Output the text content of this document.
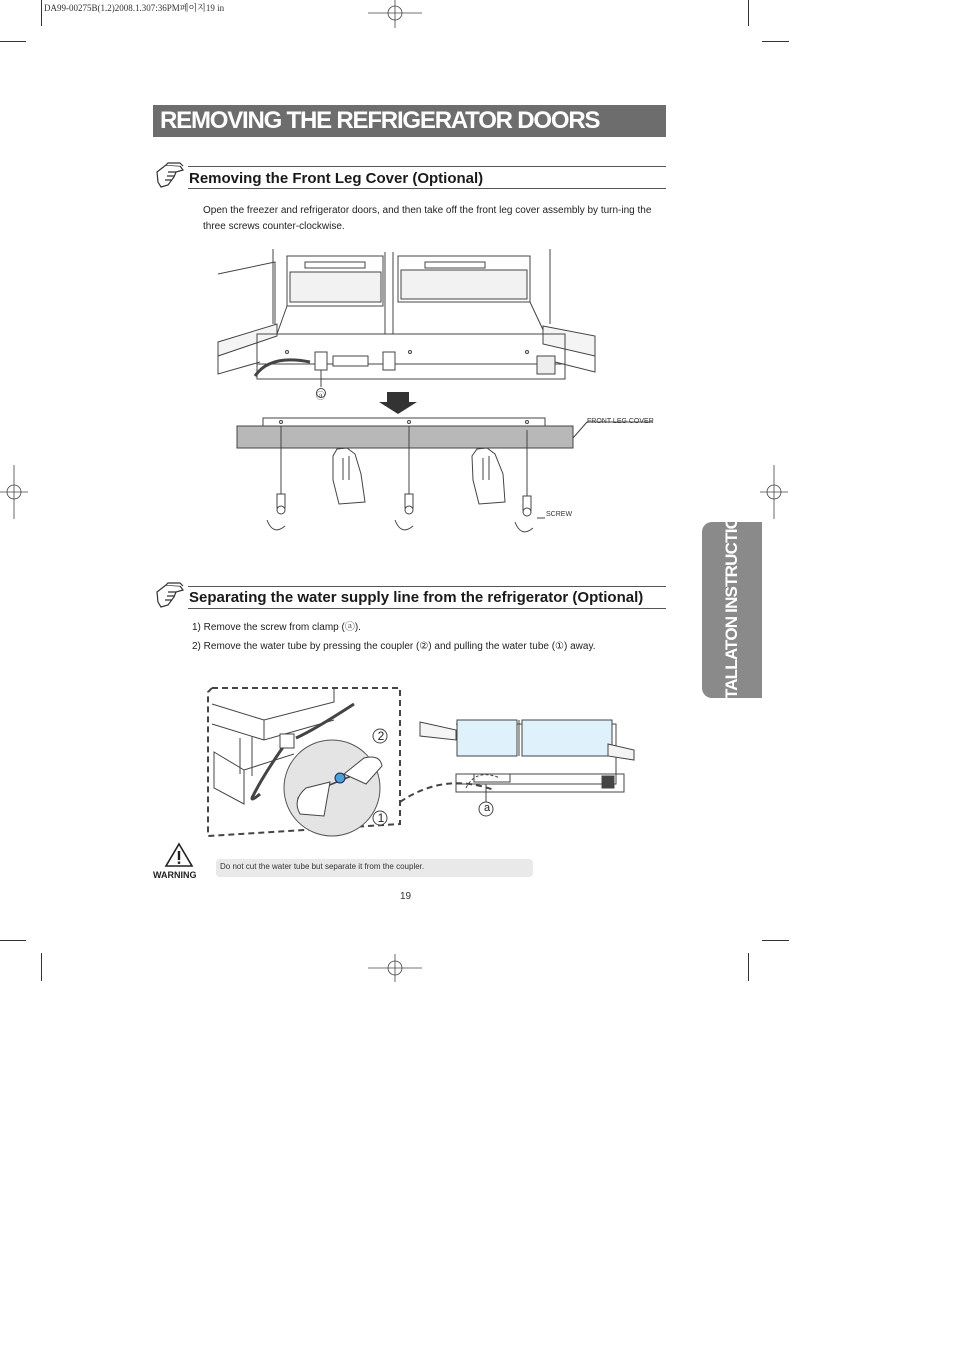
DA99-00275B(1.2)2008.1.307:36PM페이지19 in
REMOVING THE REFRIGERATOR DOORS
INSTALLATON INSTRUCTIONS
Removing the Front Leg Cover (Optional)
Open the freezer and refrigerator doors, and then take off the front leg cover assembly by turn-ing the three screws counter-clockwise.
ⓐ
FRONT LEG COVER
SCREW
Separating the water supply line from the refrigerator (Optional)
1) Remove the screw from clamp (ⓐ).
2) Remove the water tube by pressing the coupler (②) and pulling the water tube (①) away.
2
1
a
WARNING
Do not cut the water tube but separate it from the coupler.
19
